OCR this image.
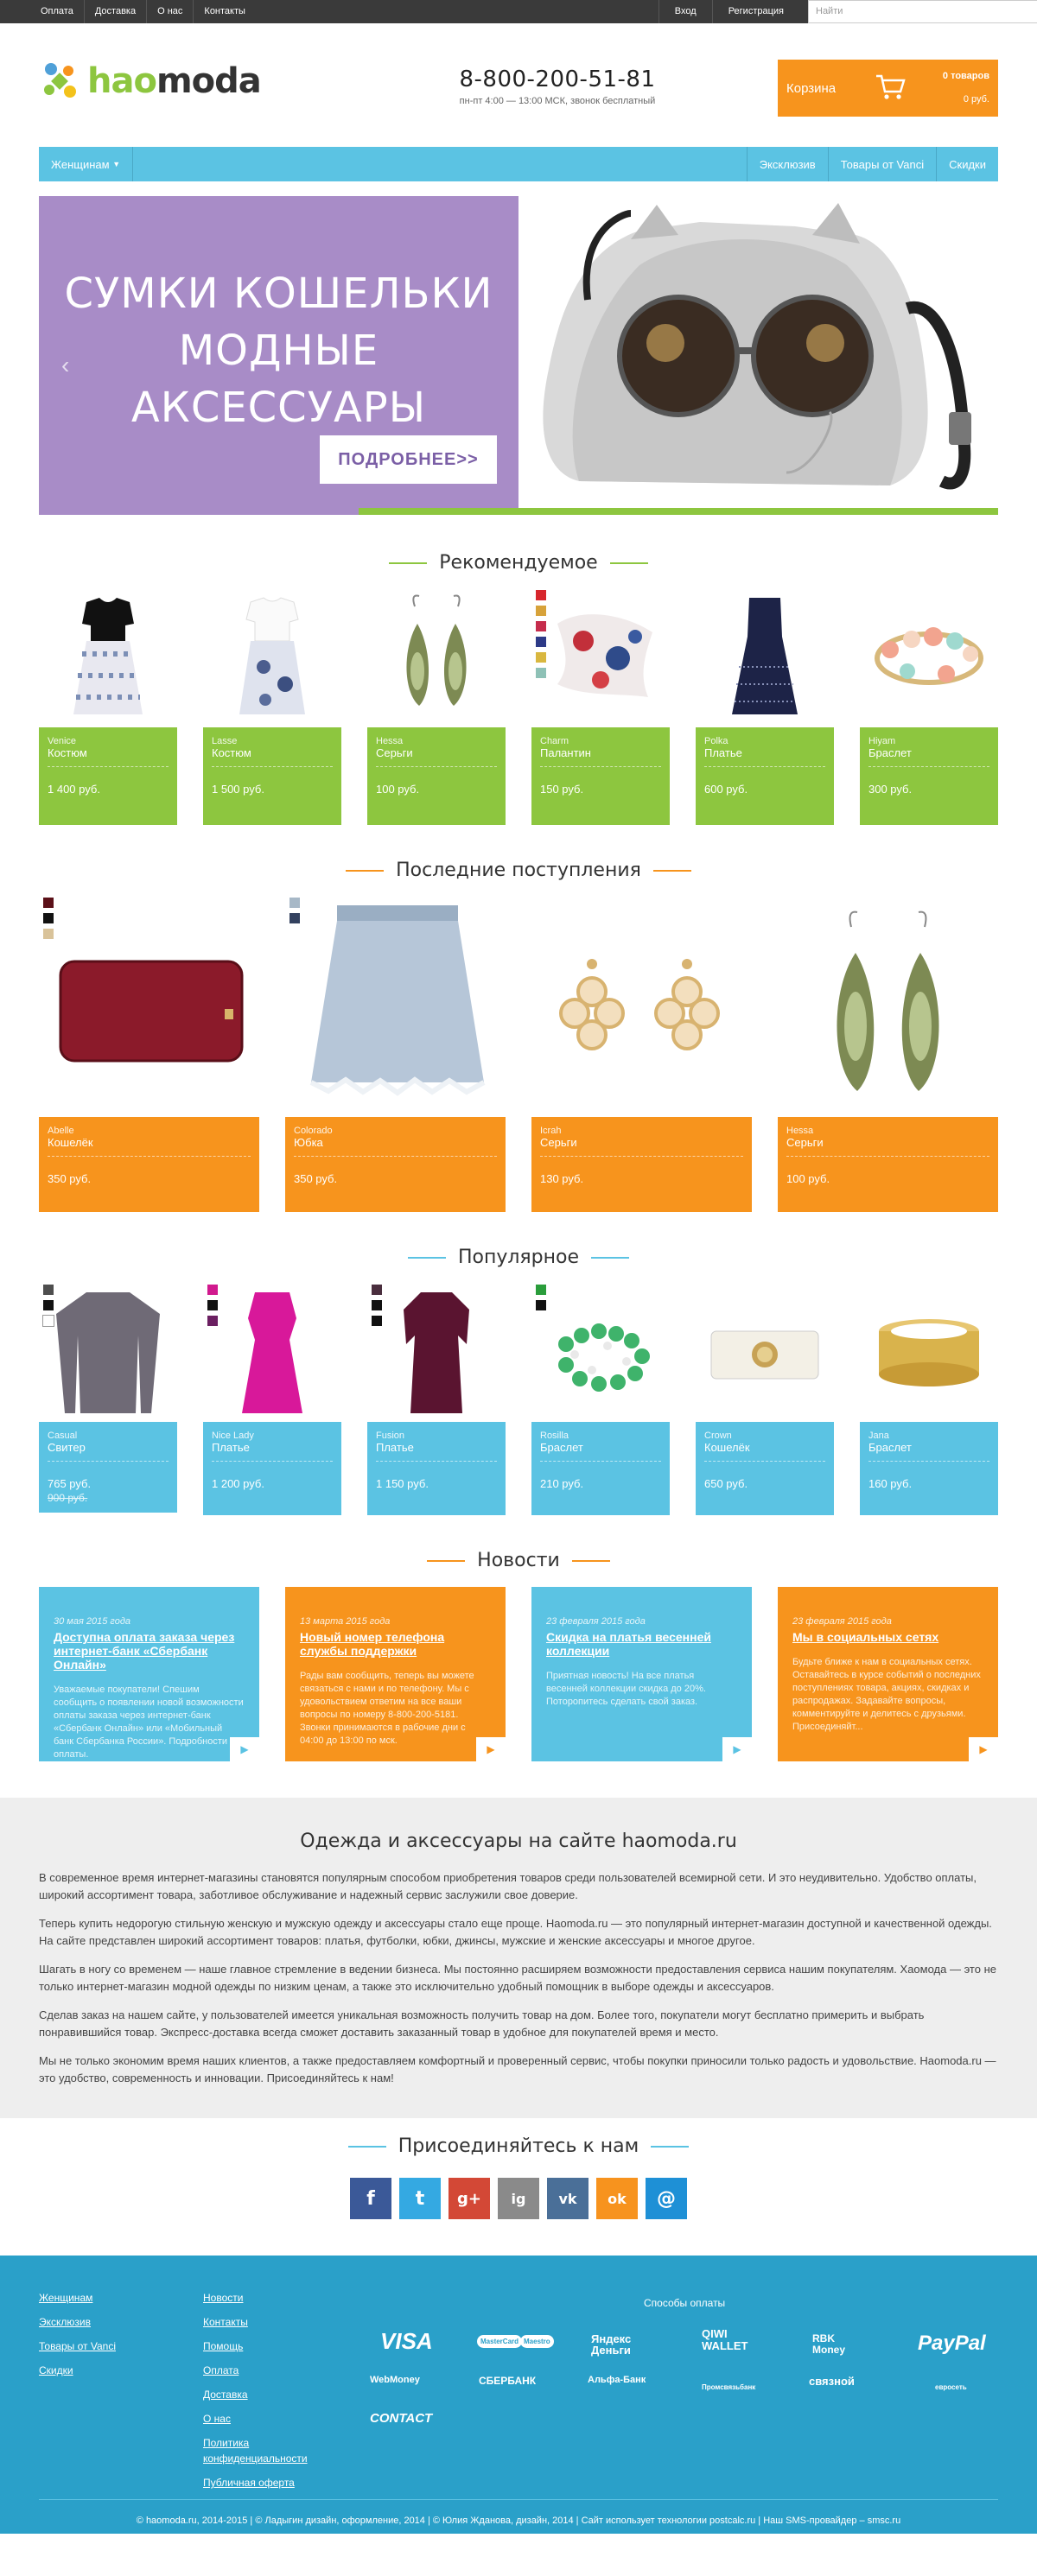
Оплата	Доставка	О нас	Контакты	Вход	Регистрация	Найти
haomoda	8-800-200-51-81
пн-пт 4:00 — 13:00 МСК, звонок бесплатный
Корзина
0 товаров
0 руб.
Женщинам
▼	Эксклюзив	Товары от Vanci	Скидки
СУМКИ КОШЕЛЬКИ
МОДНЫЕ АКСЕССУАРЫ
ПОДРОБНЕЕ>>
‹	›
Рекомендуемое
Venice
Костюм
1 400 руб.
Lasse
Костюм
1 500 руб.
Hessa
Серьги
100 руб.
Charm
Палантин
150 руб.
Polka
Платье
600 руб.
Hiyam
Браслет
300 руб.
Последние поступления
Abelle
Кошелёк
350 руб.
Colorado
Юбка
350 руб.
Icrah
Серьги
130 руб.
Hessa
Серьги
100 руб.
Популярное
Casual
Свитер
765 руб.
900 руб.
Nice Lady
Платье
1 200 руб.
Fusion
Платье
1 150 руб.
Rosilla
Браслет
210 руб.
Crown
Кошелёк
650 руб.
Jana
Браслет
160 руб.
Новости
30 мая 2015 года
Доступна оплата заказа через интернет-банк «Сбербанк Онлайн»
Уважаемые покупатели! Спешим сообщить о появлении новой возможности оплаты заказа через интернет-банк «Сбербанк Онлайн» или «Мобильный банк Сбербанка России». Подробности оплаты.	▶
13 марта 2015 года
Новый номер телефона службы поддержки
Рады вам сообщить, теперь вы можете связаться с нами и по телефону. Мы с удовольствием ответим на все ваши вопросы по номеру 8-800-200-5181. Звонки принимаются в рабочие дни с 04:00 до 13:00 по мск.
▶
23 февраля 2015 года
Скидка на платья весенней коллекции
Приятная новость! На все платья весенней коллекции скидка до 20%. Поторопитесь сделать свой заказ.
▶
23 февраля 2015 года
Мы в социальных сетях
Будьте ближе к нам в социальных сетях. Оставайтесь в курсе событий о последних поступлениях товара, акциях, скидках и распродажах. Задавайте вопросы, комментируйте и делитесь с друзьями. Присоединяйт...
▶
Одежда и аксессуары на сайте haomoda.ru

В современное время интернет-магазины становятся популярным способом приобретения товаров среди пользователей всемирной сети. И это неудивительно. Удобство оплаты, широкий ассортимент товара, заботливое обслуживание и надежный сервис заслужили свое доверие.

Теперь купить недорогую стильную женскую и мужскую одежду и аксессуары стало еще проще. Haomoda.ru — это популярный интернет-магазин доступной и качественной одежды. На сайте представлен широкий ассортимент товаров: платья, футболки, юбки, джинсы, мужские и женские аксессуары и многое другое.

Шагать в ногу со временем — наше главное стремление в ведении бизнеса. Мы постоянно расширяем возможности предоставления сервиса нашим покупателям. Хаомода — это не только интернет-магазин модной одежды по низким ценам, а также это исключительно удобный помощник в выборе одежды и аксессуаров.

Сделав заказ на нашем сайте, у пользователей имеется уникальная возможность получить товар на дом. Более того, покупатели могут бесплатно примерить и выбрать понравившийся товар. Экспресс-доставка всегда сможет доставить заказанный товар в удобное для покупателей время и место.

Мы не только экономим время наших клиентов, а также предоставляем комфортный и проверенный сервис, чтобы покупки приносили только радость и удовольствие. Haomoda.ru — это удобство, современность и инновации. Присоединяйтесь к нам!

Присоединяйтесь к нам
f	t	g+	ig	vk	ok	@
Женщинам
Эксклюзив
Товары от Vanci
Скидки
Новости
Контакты
Помощь
Оплата
Доставка
О нас
Политика конфиденциальности
Публичная оферта
Способы оплаты
VISA	MasterCard Maestro	Яндекс Деньги
QIWI WALLET
RBK Money	PayPal
WebMoney	СБЕРБАНК	Альфа-Банк
Промсвязьбанк	связной	евросеть
CONTACT
© haomoda.ru, 2014-2015 | © Ладыгин дизайн, оформление, 2014 | © Юлия Жданова, дизайн, 2014 | Сайт использует технологии postcalc.ru | Наш SMS-провайдер – smsc.ru
